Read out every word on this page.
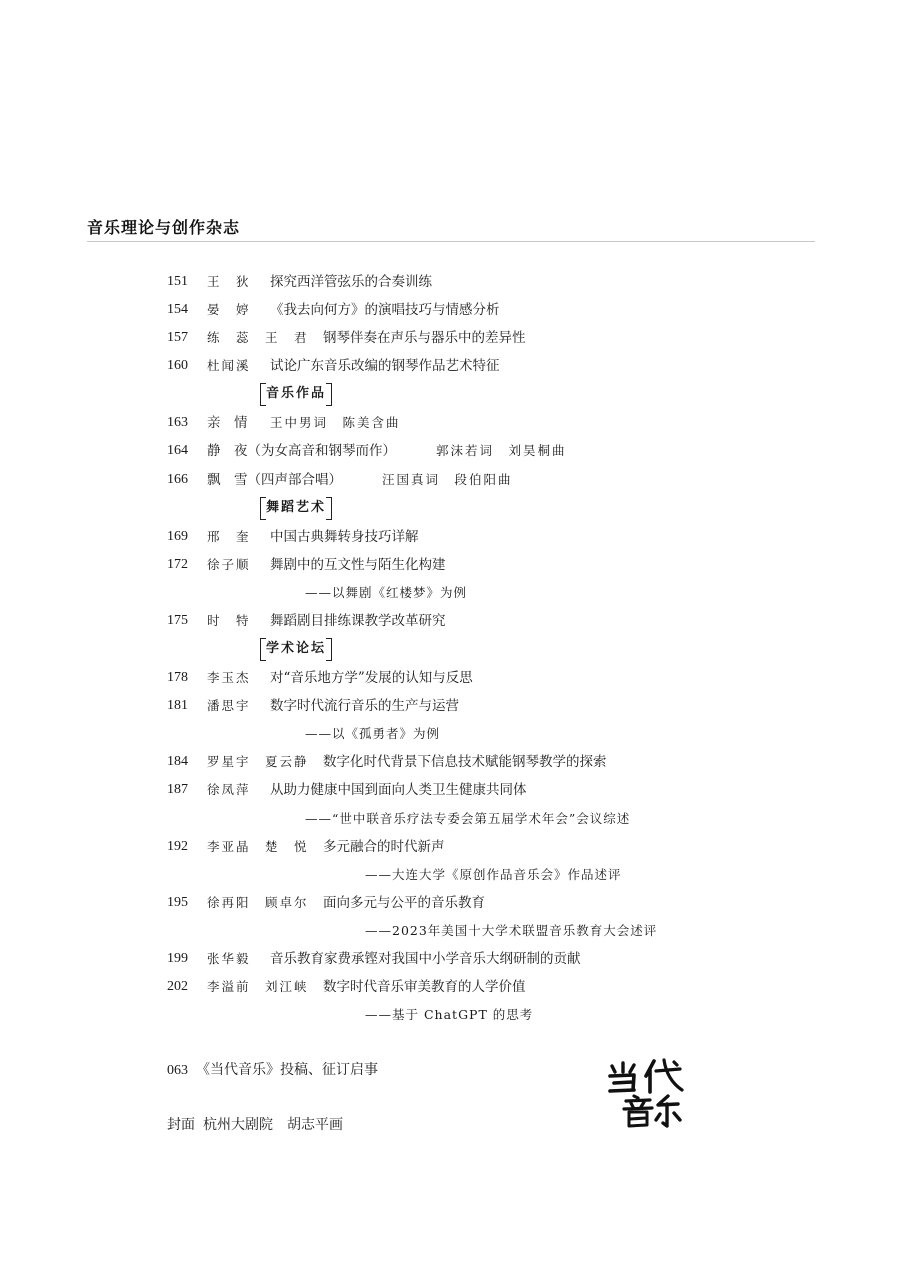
音乐理论与创作杂志
151 王　狄 探究西洋管弦乐的合奏训练
154 晏　婷 《我去向何方》的演唱技巧与情感分析
157 练　蕊　王　君 钢琴伴奏在声乐与器乐中的差异性
160 杜闻溪 试论广东音乐改编的钢琴作品艺术特征
音乐作品
163 亲　情 王中男词　陈美含曲
164 静　夜（为女高音和钢琴而作）	郭沫若词　刘昊桐曲
166 飘　雪（四声部合唱）	汪国真词　段伯阳曲
舞蹈艺术
169 邢　奎 中国古典舞转身技巧详解
172 徐子顺 舞剧中的互文性与陌生化构建
——以舞剧《红楼梦》为例
175 时　特 舞蹈剧目排练课教学改革研究
学术论坛
178 李玉杰 对“音乐地方学”发展的认知与反思
181 潘思宇 数字时代流行音乐的生产与运营
——以《孤勇者》为例
184 罗星宇　夏云静 数字化时代背景下信息技术赋能钢琴教学的探索
187 徐凤萍 从助力健康中国到面向人类卫生健康共同体
——“世中联音乐疗法专委会第五届学术年会”会议综述
192 李亚晶　楚　悦 多元融合的时代新声
——大连大学《原创作品音乐会》作品述评
195 徐再阳　顾卓尔 面向多元与公平的音乐教育
——2023年美国十大学术联盟音乐教育大会述评
199 张华毅 音乐教育家费承铿对我国中小学音乐大纲研制的贡献
202 李溢前　刘江峡 数字时代音乐审美教育的人学价值
——基于 ChatGPT 的思考
063 《当代音乐》投稿、征订启事
封面 杭州大剧院　胡志平画
当代音乐
